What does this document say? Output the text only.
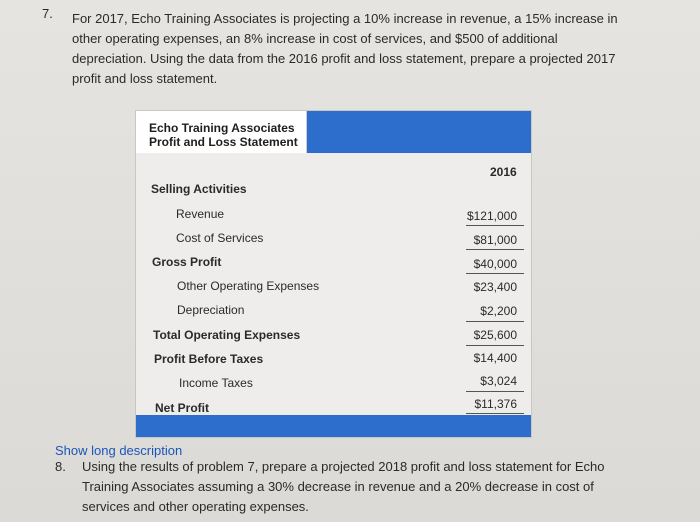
7. For 2017, Echo Training Associates is projecting a 10% increase in revenue, a 15% increase in other operating expenses, an 8% increase in cost of services, and $500 of additional depreciation. Using the data from the 2016 profit and loss statement, prepare a projected 2017 profit and loss statement.
Echo Training Associates
Profit and Loss Statement
2016
Selling Activities
Revenue	$121,000
Cost of Services	$81,000
Gross Profit	$40,000
Other Operating Expenses	$23,400
Depreciation	$2,200
Total Operating Expenses	$25,600
Profit Before Taxes	$14,400
Income Taxes	$3,024
Net Profit	$11,376
Show long description
8. Using the results of problem 7, prepare a projected 2018 profit and loss statement for Echo Training Associates assuming a 30% decrease in revenue and a 20% decrease in cost of services and other operating expenses.
